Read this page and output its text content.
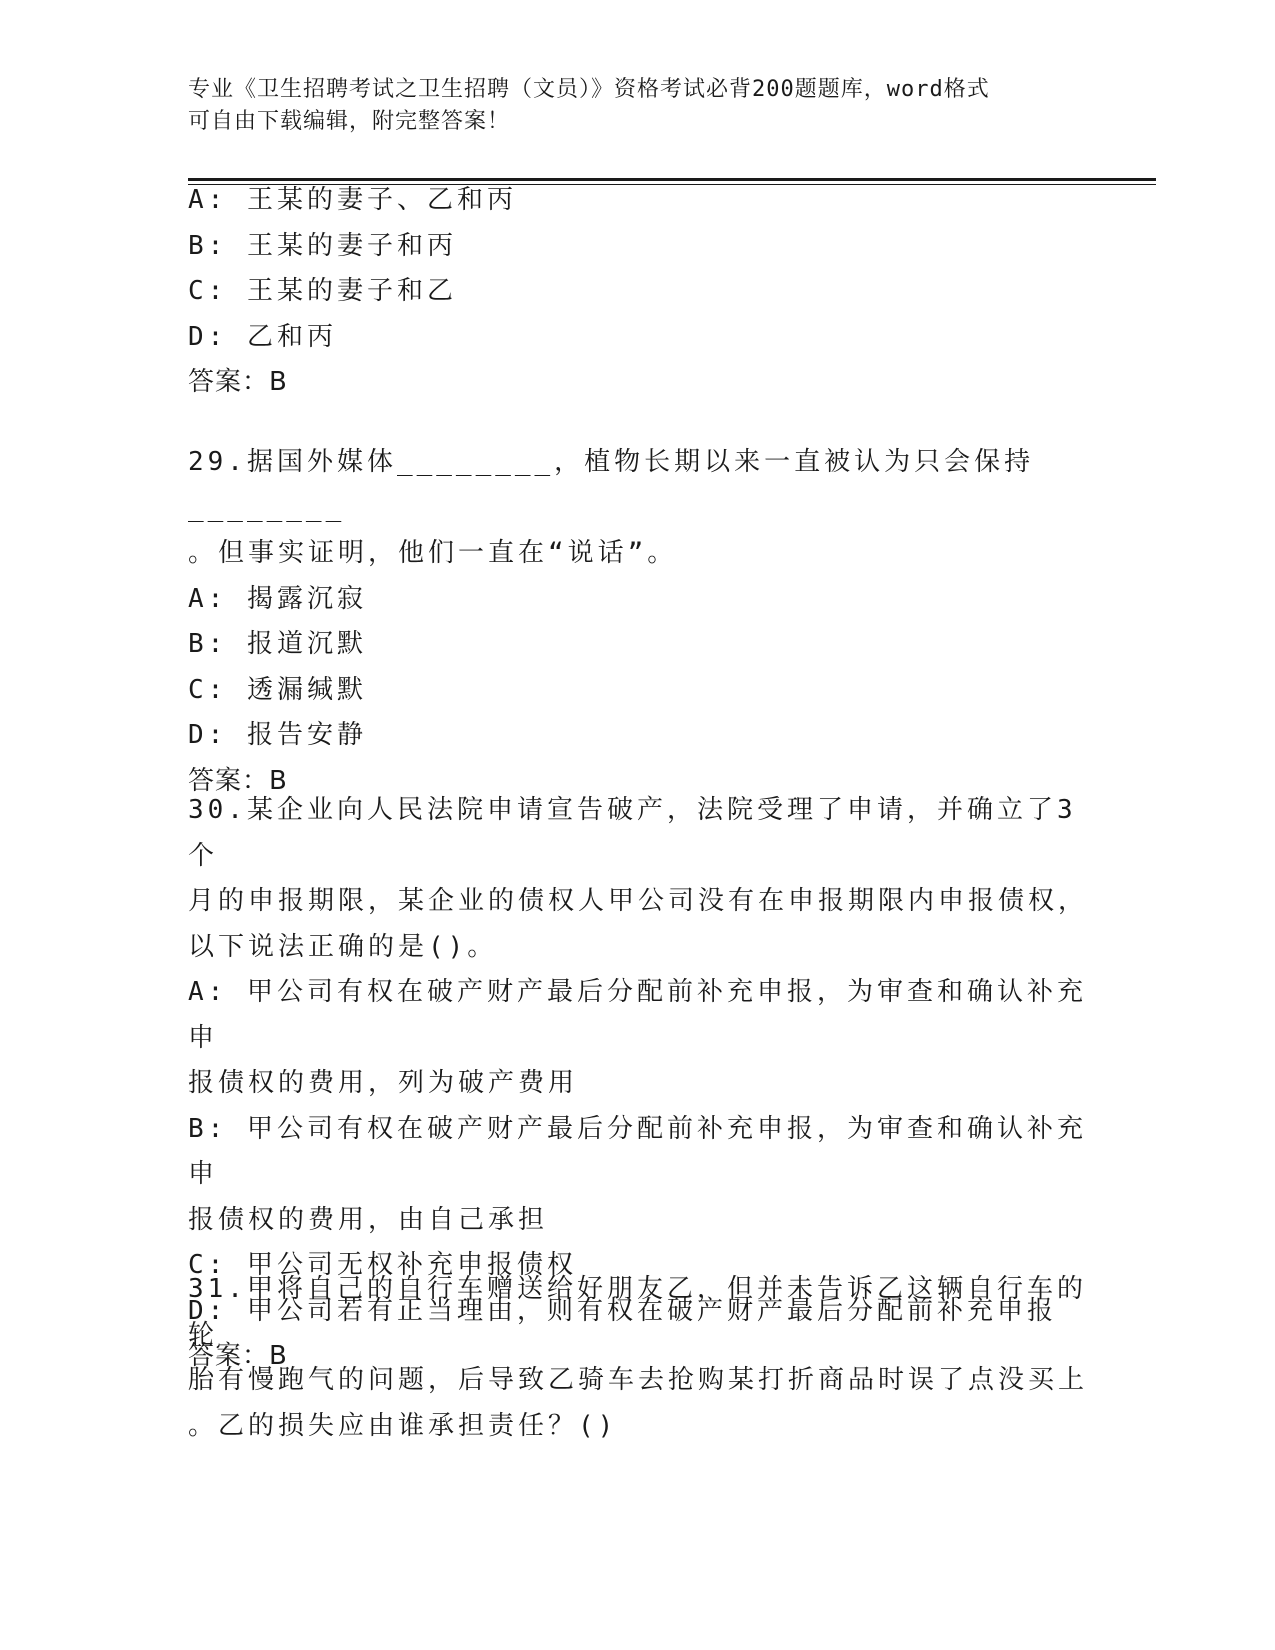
专业《卫生招聘考试之卫生招聘（文员）》资格考试必背200题题库，word格式
可自由下载编辑，附完整答案！

A: 王某的妻子、乙和丙

B: 王某的妻子和丙

C: 王某的妻子和乙

D: 乙和丙

答案：B

29.据国外媒体________，植物长期以来一直被认为只会保持________

。但事实证明，他们一直在“说话”。

A: 揭露沉寂

B: 报道沉默

C: 透漏缄默

D: 报告安静

答案：B

30.某企业向人民法院申请宣告破产，法院受理了申请，并确立了3个

月的申报期限，某企业的债权人甲公司没有在申报期限内申报债权，

以下说法正确的是()。

A: 甲公司有权在破产财产最后分配前补充申报，为审查和确认补充申

报债权的费用，列为破产费用

B: 甲公司有权在破产财产最后分配前补充申报，为审查和确认补充申

报债权的费用，由自己承担

C: 甲公司无权补充申报债权

D: 甲公司若有正当理由，则有权在破产财产最后分配前补充申报

答案：B

31.甲将自己的自行车赠送给好朋友乙，但并未告诉乙这辆自行车的轮

胎有慢跑气的问题，后导致乙骑车去抢购某打折商品时误了点没买上

。乙的损失应由谁承担责任？()
